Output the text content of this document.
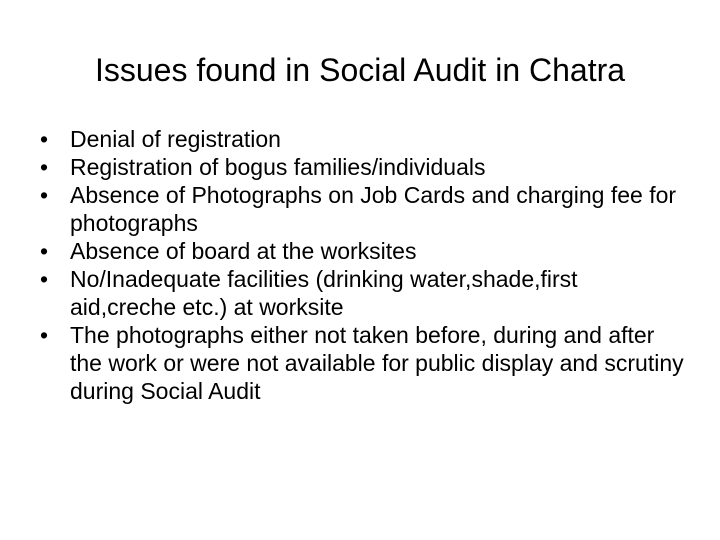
Issues found in Social Audit in Chatra
• Denial of registration
• Registration of bogus families/individuals
• Absence of Photographs on Job Cards and charging fee for photographs
• Absence of board at the worksites
• No/Inadequate facilities (drinking water,shade,first aid,creche etc.) at worksite
• The photographs either not taken before, during and after the work or were not available for public display and scrutiny during Social Audit
